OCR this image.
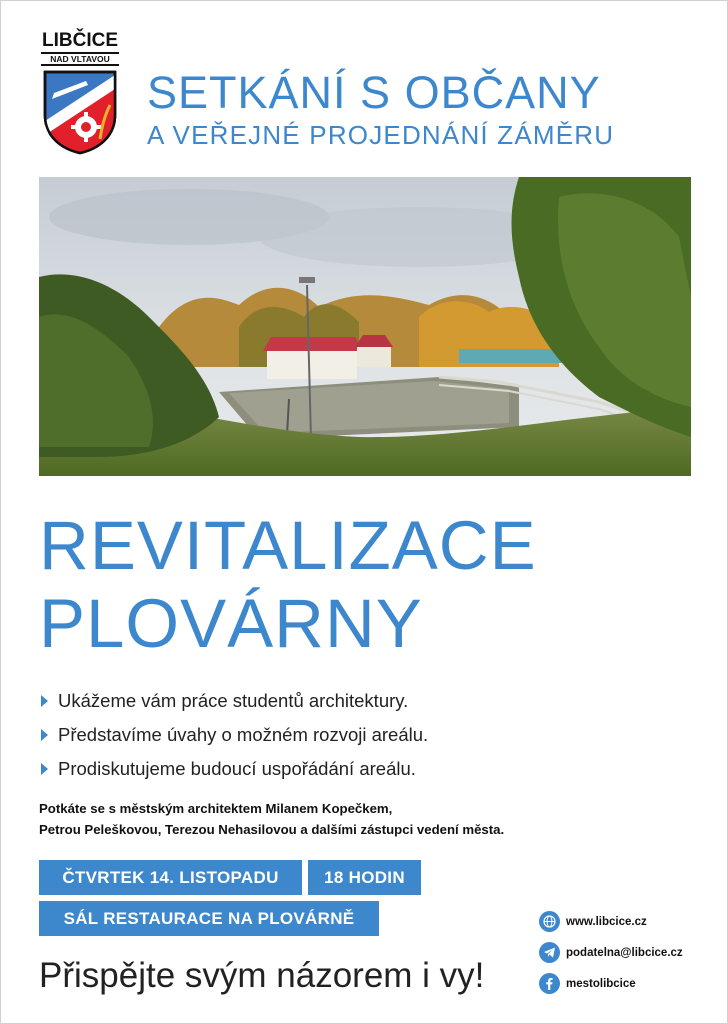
LIBČICE
NAD VLTAVOU
SETKÁNÍ S OBČANY
A VEŘEJNÉ PROJEDNÁNÍ ZÁMĚRU
REVITALIZACE
PLOVÁRNY
Ukážeme vám práce studentů architektury.
Představíme úvahy o možném rozvoji areálu.
Prodiskutujeme budoucí uspořádání areálu.
Potkáte se s městským architektem Milanem Kopečkem,
Petrou Peleškovou, Terezou Nehasilovou a dalšími zástupci vedení města.
ČTVRTEK 14. LISTOPADU	18 HODIN
SÁL RESTAURACE NA PLOVÁRNĚ
Přispějte svým názorem i vy!
www.libcice.cz
podatelna@libcice.cz
mestolibcice
